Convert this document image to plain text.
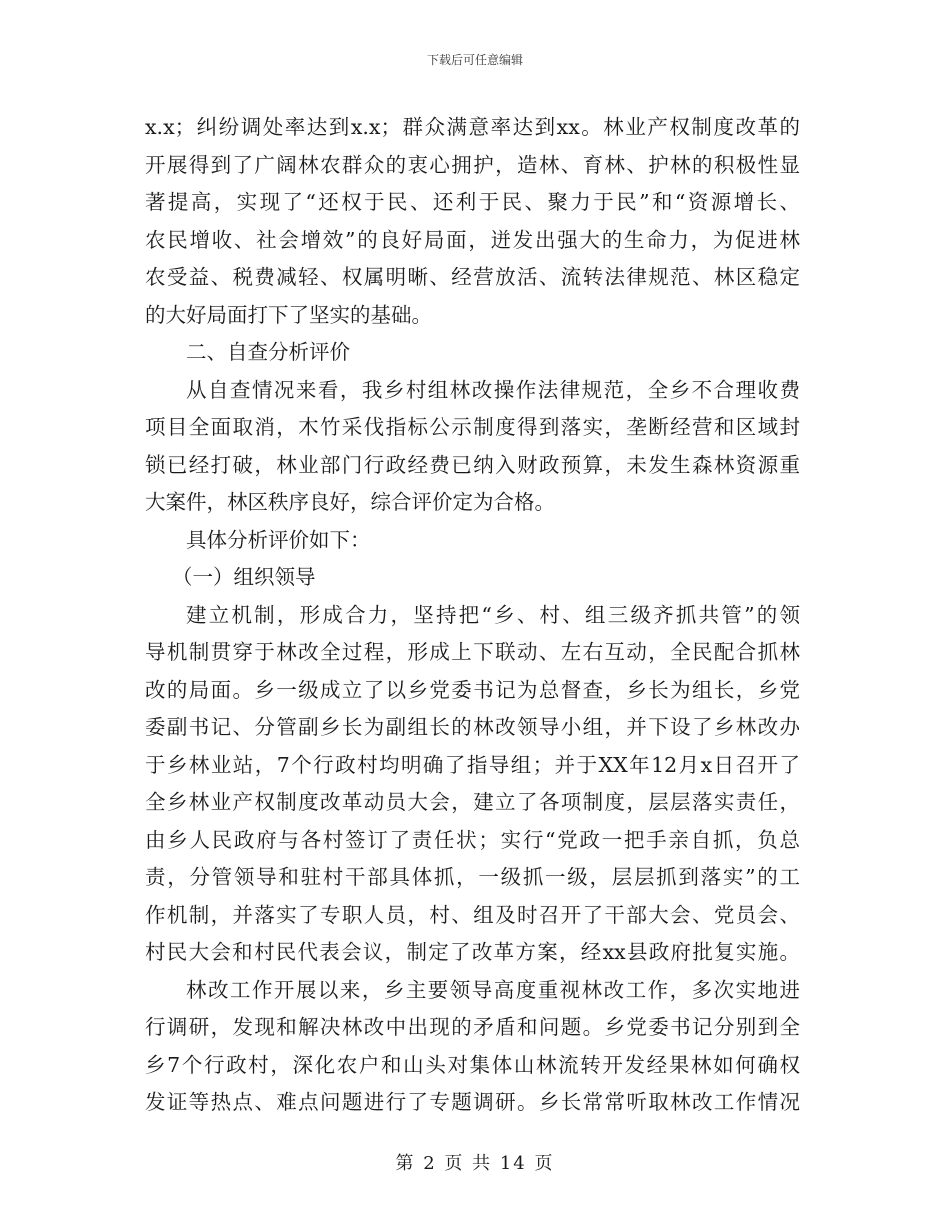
下载后可任意编辑
x.x；纠纷调处率达到x.x；群众满意率达到xx。林业产权制度改革的
开展得到了广阔林农群众的衷心拥护，造林、育林、护林的积极性显
著提高，实现了“还权于民、还利于民、聚力于民”和“资源增长、
农民增收、社会增效”的良好局面，迸发出强大的生命力，为促进林
农受益、税费减轻、权属明晰、经营放活、流转法律规范、林区稳定
的大好局面打下了坚实的基础。
二、自查分析评价
从自查情况来看，我乡村组林改操作法律规范，全乡不合理收费
项目全面取消，木竹采伐指标公示制度得到落实，垄断经营和区域封
锁已经打破，林业部门行政经费已纳入财政预算，未发生森林资源重
大案件，林区秩序良好，综合评价定为合格。
具体分析评价如下：
（一）组织领导
建立机制，形成合力，坚持把“乡、村、组三级齐抓共管”的领
导机制贯穿于林改全过程，形成上下联动、左右互动，全民配合抓林
改的局面。乡一级成立了以乡党委书记为总督查，乡长为组长，乡党
委副书记、分管副乡长为副组长的林改领导小组，并下设了乡林改办
于乡林业站，7个行政村均明确了指导组；并于XX年12月x日召开了
全乡林业产权制度改革动员大会，建立了各项制度，层层落实责任，
由乡人民政府与各村签订了责任状；实行“党政一把手亲自抓，负总
责，分管领导和驻村干部具体抓，一级抓一级，层层抓到落实”的工
作机制，并落实了专职人员，村、组及时召开了干部大会、党员会、
村民大会和村民代表会议，制定了改革方案，经xx县政府批复实施。
林改工作开展以来，乡主要领导高度重视林改工作，多次实地进
行调研，发现和解决林改中出现的矛盾和问题。乡党委书记分别到全
乡7个行政村，深化农户和山头对集体山林流转开发经果林如何确权
发证等热点、难点问题进行了专题调研。乡长常常听取林改工作情况
第 2 页 共 14 页
